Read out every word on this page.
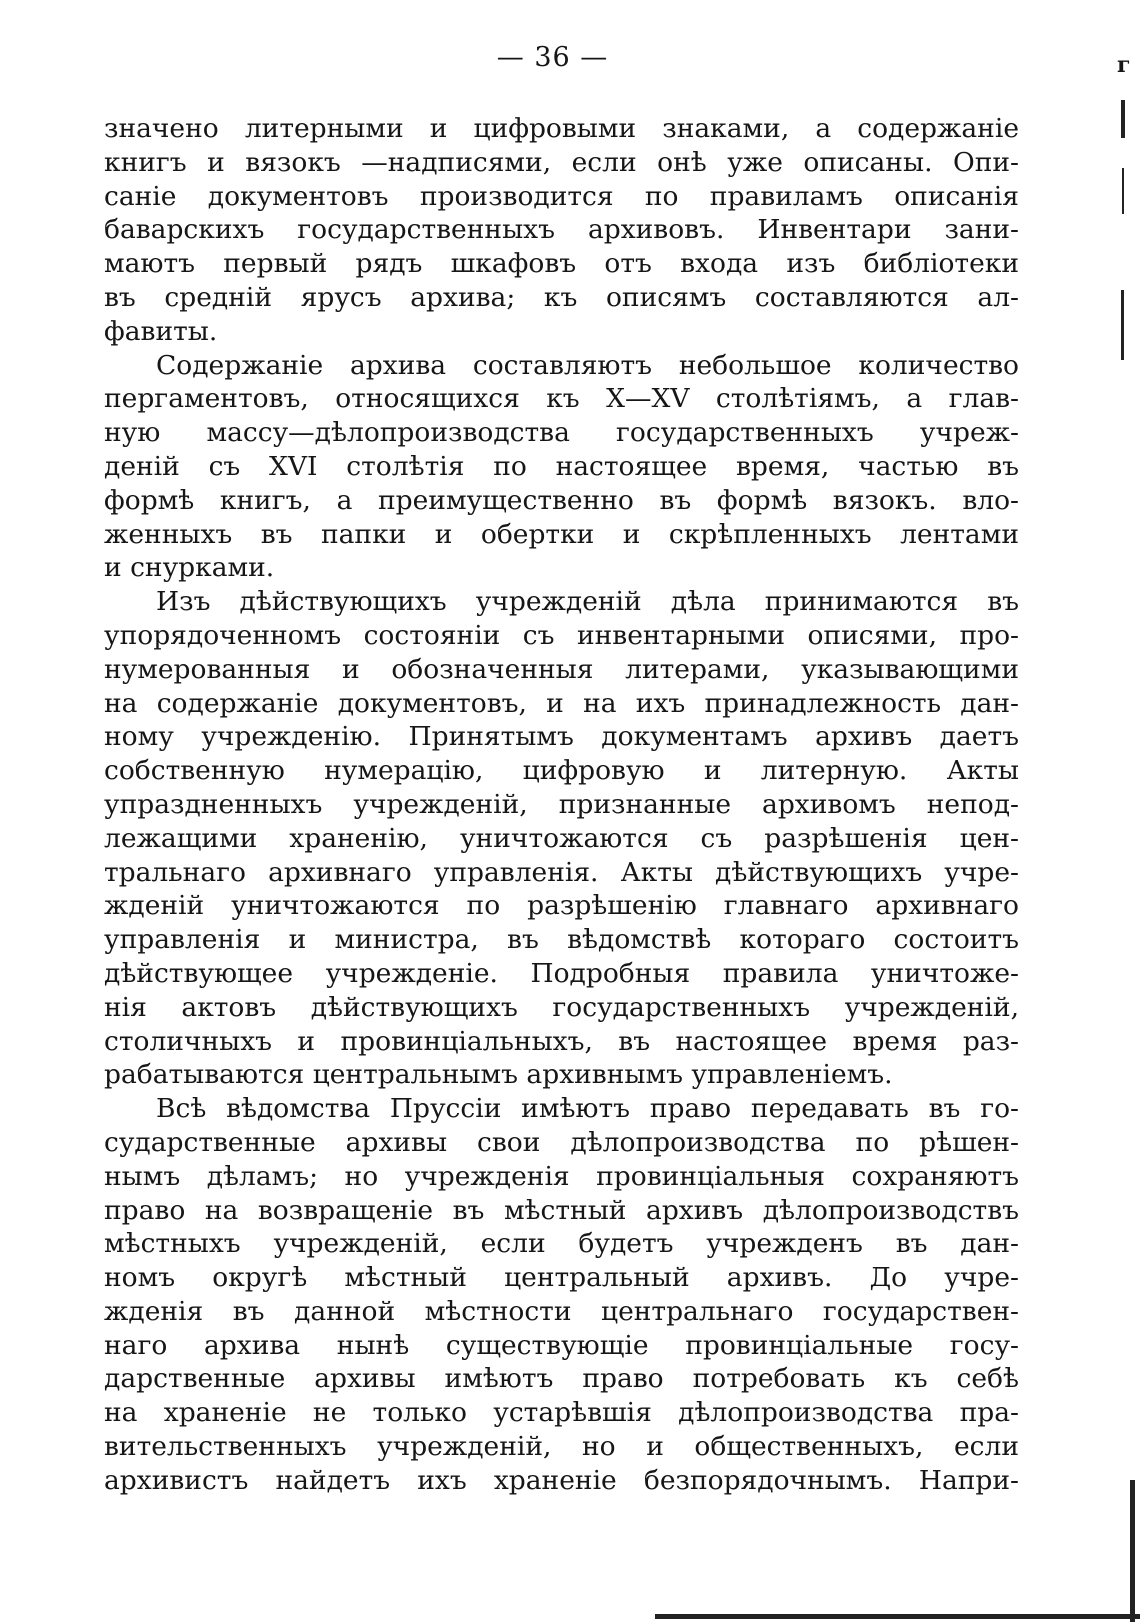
— 36 —	г
значено литерными и цифровыми знаками, а содержаніе
книгъ и вязокъ —надписями, если онѣ уже описаны. Опи-
саніе документовъ производится по правиламъ описанія
баварскихъ государственныхъ архивовъ. Инвентари зани-
маютъ первый рядъ шкафовъ отъ входа изъ библіотеки
въ средній ярусъ архива; къ описямъ составляются ал-
фавиты.
Содержаніе архива составляютъ небольшое количество
пергаментовъ, относящихся къ X—XV столѣтіямъ, а глав-
ную массу—дѣлопроизводства государственныхъ учреж-
деній съ XVI столѣтія по настоящее время, частью въ
формѣ книгъ, а преимущественно въ формѣ вязокъ. вло-
женныхъ въ папки и обертки и скрѣпленныхъ лентами
и снурками.
Изъ дѣйствующихъ учрежденій дѣла принимаются въ
упорядоченномъ состояніи съ инвентарными описями, про-
нумерованныя и обозначенныя литерами, указывающими
на содержаніе документовъ, и на ихъ принадлежность дан-
ному учрежденію. Принятымъ документамъ архивъ даетъ
собственную нумерацію, цифровую и литерную. Акты
упраздненныхъ учрежденій, признанные архивомъ непод-
лежащими храненію, уничтожаются съ разрѣшенія цен-
тральнаго архивнаго управленія. Акты дѣйствующихъ учре-
жденій уничтожаются по разрѣшенію главнаго архивнаго
управленія и министра, въ вѣдомствѣ котораго состоитъ
дѣйствующее учрежденіе. Подробныя правила уничтоже-
нія актовъ дѣйствующихъ государственныхъ учрежденій,
столичныхъ и провинціальныхъ, въ настоящее время раз-
рабатываются центральнымъ архивнымъ управленіемъ.
Всѣ вѣдомства Пруссіи имѣютъ право передавать въ го-
сударственные архивы свои дѣлопроизводства по рѣшен-
нымъ дѣламъ; но учрежденія провинціальныя сохраняютъ
право на возвращеніе въ мѣстный архивъ дѣлопроизводствъ
мѣстныхъ учрежденій, если будетъ учрежденъ въ дан-
номъ округѣ мѣстный центральный архивъ. До учре-
жденія въ данной мѣстности центральнаго государствен-
наго архива нынѣ существующіе провинціальные госу-
дарственные архивы имѣютъ право потребовать къ себѣ
на храненіе не только устарѣвшія дѣлопроизводства пра-
вительственныхъ учрежденій, но и общественныхъ, если
архивистъ найдетъ ихъ храненіе безпорядочнымъ. Напри-
